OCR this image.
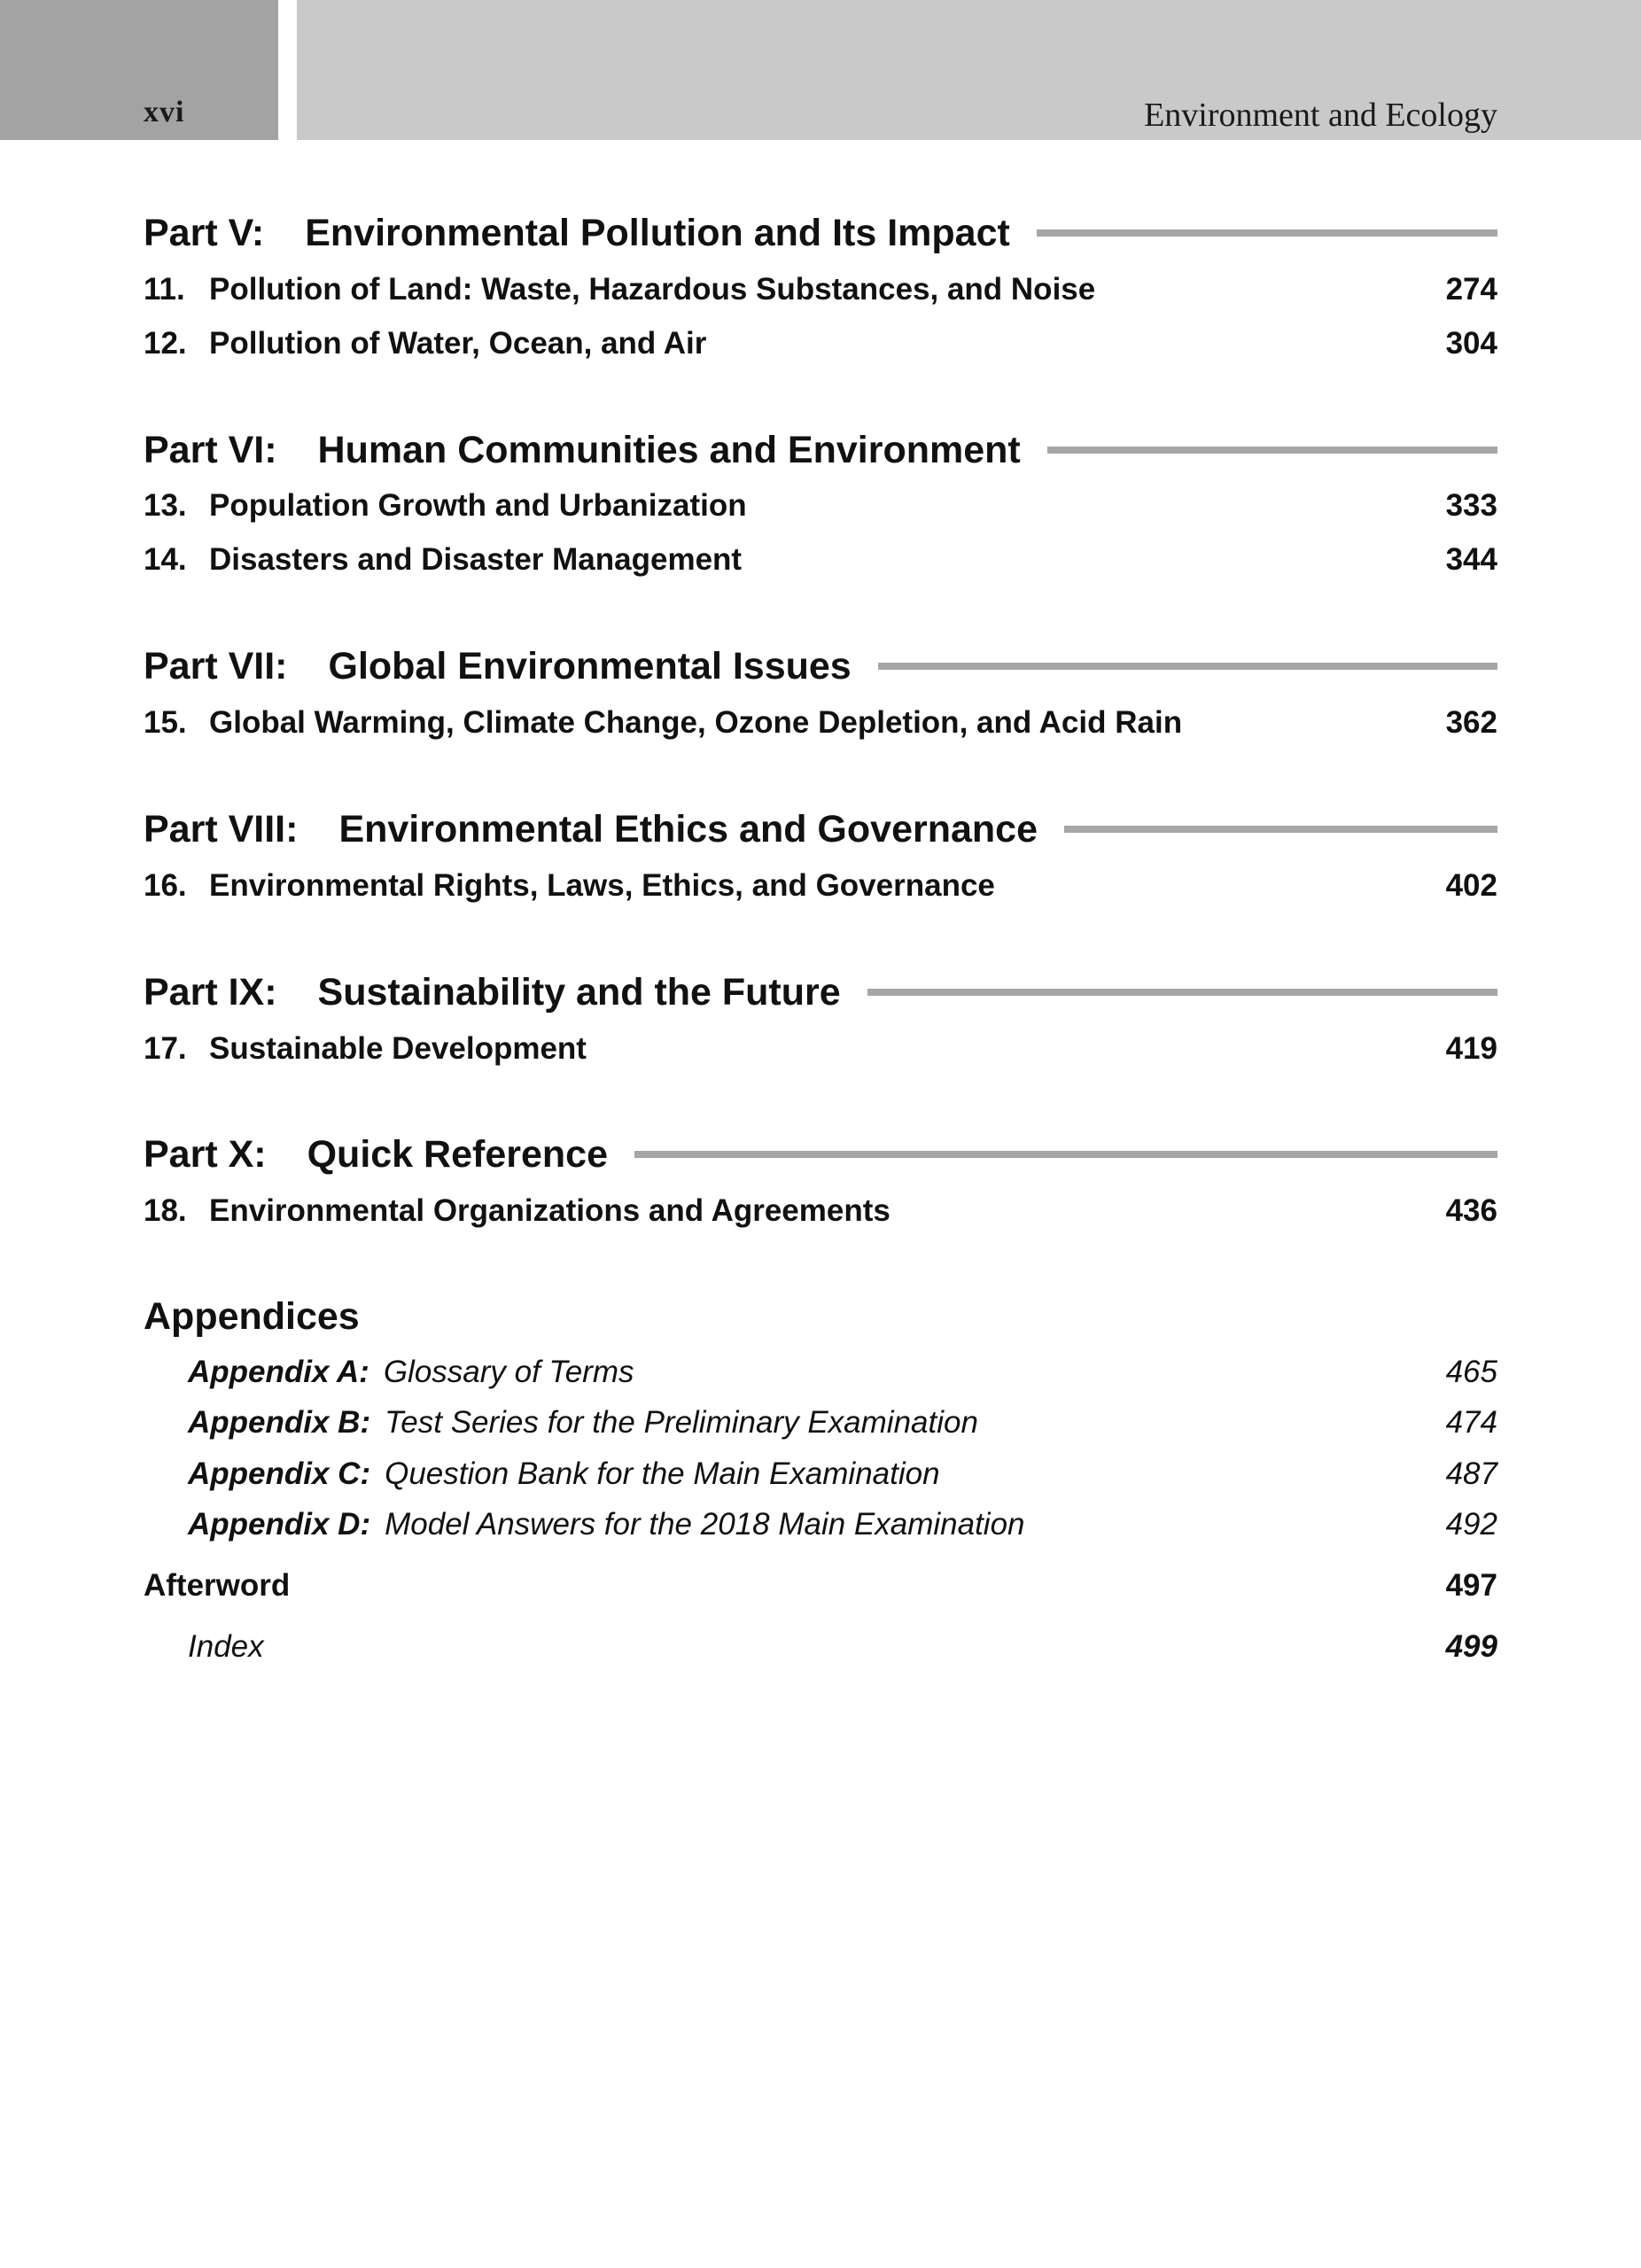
xvi	Environment and Ecology
Part V: Environmental Pollution and Its Impact
11. Pollution of Land: Waste, Hazardous Substances, and Noise	274
12. Pollution of Water, Ocean, and Air	304
Part VI: Human Communities and Environment
13. Population Growth and Urbanization	333
14. Disasters and Disaster Management	344
Part VII: Global Environmental Issues
15. Global Warming, Climate Change, Ozone Depletion, and Acid Rain	362
Part VIII: Environmental Ethics and Governance
16. Environmental Rights, Laws, Ethics, and Governance	402
Part IX: Sustainability and the Future
17. Sustainable Development	419
Part X: Quick Reference
18. Environmental Organizations and Agreements	436
Appendices
Appendix A: Glossary of Terms	465
Appendix B: Test Series for the Preliminary Examination	474
Appendix C: Question Bank for the Main Examination	487
Appendix D: Model Answers for the 2018 Main Examination	492
Afterword	497
Index	499
